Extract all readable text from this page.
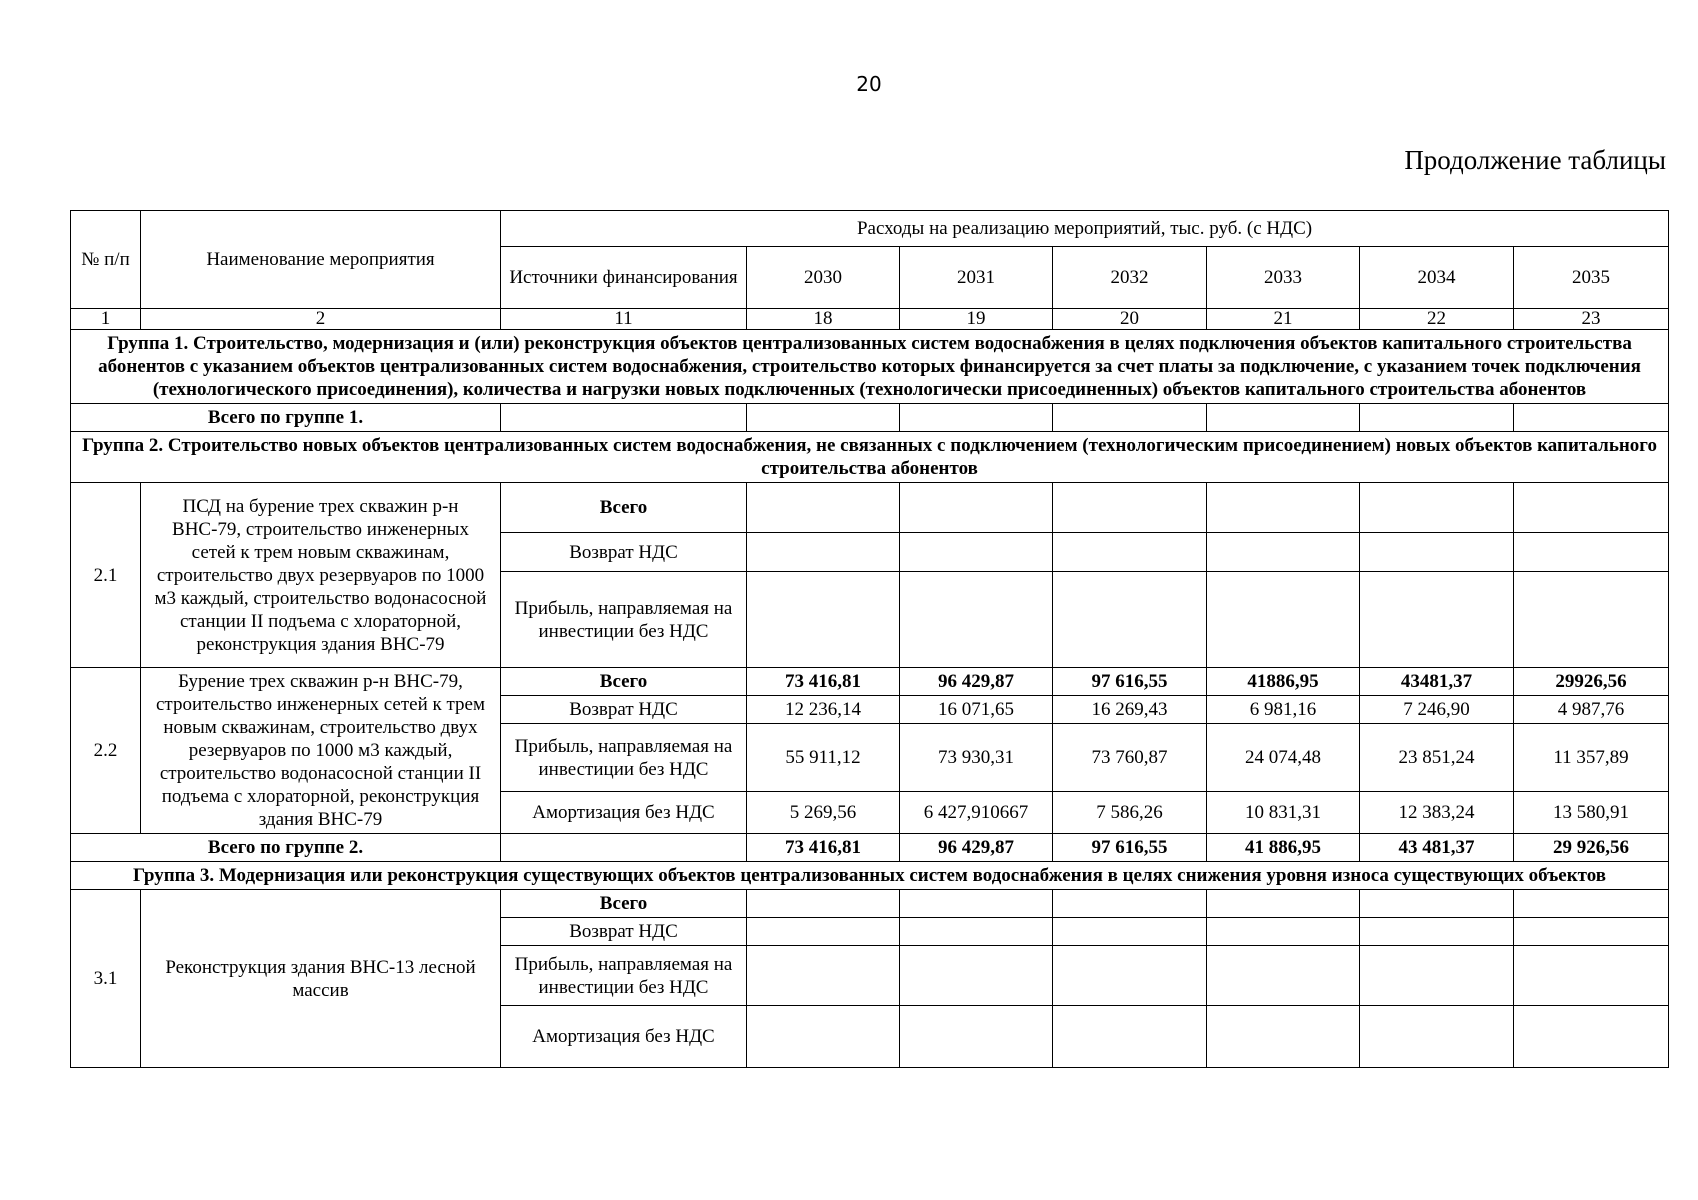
20
Продолжение таблицы
№ п/п	Наименование мероприятия	Расходы на реализацию мероприятий, тыс. руб. (с НДС)						
		Источники финансирования	2030	2031	2032	2033	2034	2035
1	2	11	18	19	20	21	22	23
Группа 1. Строительство, модернизация и (или) реконструкция объектов централизованных систем водоснабжения в целях подключения объектов капитального строительства абонентов с указанием объектов централизованных систем водоснабжения, строительство которых финансируется за счет платы за подключение, с указанием точек подключения (технологического присоединения), количества и нагрузки новых подключенных (технологически присоединенных) объектов капитального строительства абонентов								
Всего по группе 1.								
Группа 2. Строительство новых объектов централизованных систем водоснабжения, не связанных с подключением (технологическим присоединением) новых объектов капитального строительства абонентов								
2.1	ПСД на бурение трех скважин р-н ВНС-79, строительство инженерных сетей к трем новым скважинам, строительство двух резервуаров по 1000 м3 каждый, строительство водонасосной станции II подъема с хлораторной, реконструкция здания ВНС-79	Всего						
		Возврат НДС						
		Прибыль, направляемая на инвестиции без НДС						
2.2	Бурение трех скважин р-н ВНС-79, строительство инженерных сетей к трем новым скважинам, строительство двух резервуаров по 1000 м3 каждый, строительство водонасосной станции II подъема с хлораторной, реконструкция здания ВНС-79	Всего	73 416,81	96 429,87	97 616,55	41886,95	43481,37	29926,56
		Возврат НДС	12 236,14	16 071,65	16 269,43	6 981,16	7 246,90	4 987,76
		Прибыль, направляемая на инвестиции без НДС	55 911,12	73 930,31	73 760,87	24 074,48	23 851,24	11 357,89
		Амортизация без НДС	5 269,56	6 427,910667	7 586,26	10 831,31	12 383,24	13 580,91
Всего по группе 2.			73 416,81	96 429,87	97 616,55	41 886,95	43 481,37	29 926,56
Группа 3. Модернизация или реконструкция существующих объектов централизованных систем водоснабжения в целях снижения уровня износа существующих объектов								
3.1	Реконструкция здания ВНС-13 лесной массив	Всего						
		Возврат НДС						
		Прибыль, направляемая на инвестиции без НДС						
		Амортизация без НДС						
